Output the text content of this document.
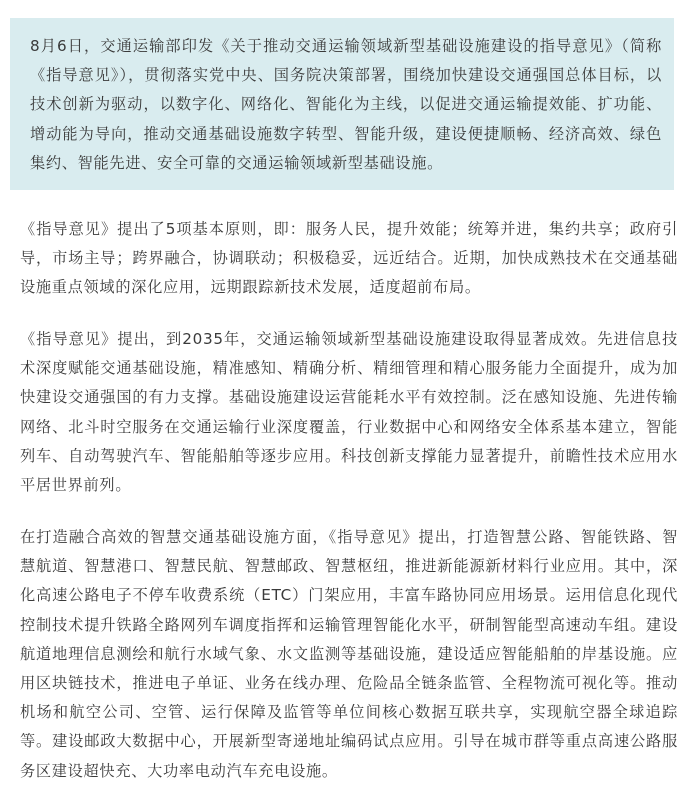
8月6日，交通运输部印发《关于推动交通运输领域新型基础设施建设的指导意见》（简称《指导意见》），贯彻落实党中央、国务院决策部署，围绕加快建设交通强国总体目标，以技术创新为驱动，以数字化、网络化、智能化为主线，以促进交通运输提效能、扩功能、增动能为导向，推动交通基础设施数字转型、智能升级，建设便捷顺畅、经济高效、绿色集约、智能先进、安全可靠的交通运输领域新型基础设施。

《指导意见》提出了5项基本原则，即：服务人民，提升效能；统筹并进，集约共享；政府引导，市场主导；跨界融合，协调联动；积极稳妥，远近结合。近期，加快成熟技术在交通基础设施重点领域的深化应用，远期跟踪新技术发展，适度超前布局。

《指导意见》提出，到2035年，交通运输领域新型基础设施建设取得显著成效。先进信息技术深度赋能交通基础设施，精准感知、精确分析、精细管理和精心服务能力全面提升，成为加快建设交通强国的有力支撑。基础设施建设运营能耗水平有效控制。泛在感知设施、先进传输网络、北斗时空服务在交通运输行业深度覆盖，行业数据中心和网络安全体系基本建立，智能列车、自动驾驶汽车、智能船舶等逐步应用。科技创新支撑能力显著提升，前瞻性技术应用水平居世界前列。

在打造融合高效的智慧交通基础设施方面，《指导意见》提出，打造智慧公路、智能铁路、智慧航道、智慧港口、智慧民航、智慧邮政、智慧枢纽，推进新能源新材料行业应用。其中，深化高速公路电子不停车收费系统（ETC）门架应用，丰富车路协同应用场景。运用信息化现代控制技术提升铁路全路网列车调度指挥和运输管理智能化水平，研制智能型高速动车组。建设航道地理信息测绘和航行水域气象、水文监测等基础设施，建设适应智能船舶的岸基设施。应用区块链技术，推进电子单证、业务在线办理、危险品全链条监管、全程物流可视化等。推动机场和航空公司、空管、运行保障及监管等单位间核心数据互联共享，实现航空器全球追踪等。建设邮政大数据中心，开展新型寄递地址编码试点应用。引导在城市群等重点高速公路服务区建设超快充、大功率电动汽车充电设施。
